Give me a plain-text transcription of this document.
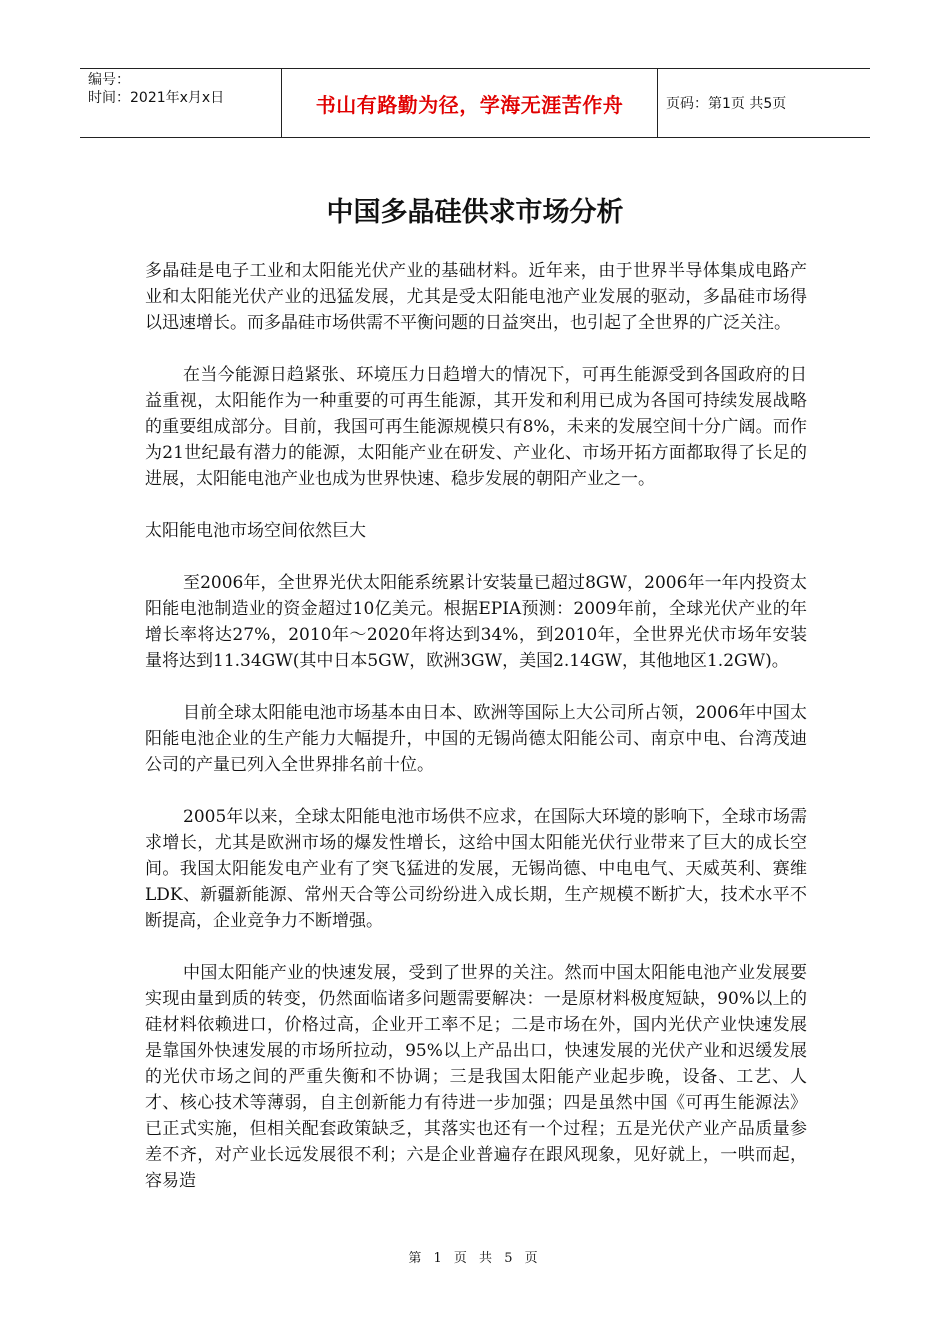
编号：
时间：2021年x月x日	书山有路勤为径，学海无涯苦作舟	页码：第1页 共5页
中国多晶硅供求市场分析

多晶硅是电子工业和太阳能光伏产业的基础材料。近年来，由于世界半导体集成电路产业和太阳能光伏产业的迅猛发展，尤其是受太阳能电池产业发展的驱动，多晶硅市场得以迅速增长。而多晶硅市场供需不平衡问题的日益突出，也引起了全世界的广泛关注。

在当今能源日趋紧张、环境压力日趋增大的情况下，可再生能源受到各国政府的日益重视，太阳能作为一种重要的可再生能源，其开发和利用已成为各国可持续发展战略的重要组成部分。目前，我国可再生能源规模只有8%，未来的发展空间十分广阔。而作为21世纪最有潜力的能源，太阳能产业在研发、产业化、市场开拓方面都取得了长足的进展，太阳能电池产业也成为世界快速、稳步发展的朝阳产业之一。

太阳能电池市场空间依然巨大

至2006年，全世界光伏太阳能系统累计安装量已超过8GW，2006年一年内投资太阳能电池制造业的资金超过10亿美元。根据EPIA预测：2009年前，全球光伏产业的年增长率将达27%，2010年～2020年将达到34%，到2010年，全世界光伏市场年安装量将达到11.34GW(其中日本5GW，欧洲3GW，美国2.14GW，其他地区1.2GW)。

目前全球太阳能电池市场基本由日本、欧洲等国际上大公司所占领，2006年中国太阳能电池企业的生产能力大幅提升，中国的无锡尚德太阳能公司、南京中电、台湾茂迪公司的产量已列入全世界排名前十位。

2005年以来，全球太阳能电池市场供不应求，在国际大环境的影响下，全球市场需求增长，尤其是欧洲市场的爆发性增长，这给中国太阳能光伏行业带来了巨大的成长空间。我国太阳能发电产业有了突飞猛进的发展，无锡尚德、中电电气、天威英利、赛维LDK、新疆新能源、常州天合等公司纷纷进入成长期，生产规模不断扩大，技术水平不断提高，企业竞争力不断增强。

中国太阳能产业的快速发展，受到了世界的关注。然而中国太阳能电池产业发展要实现由量到质的转变，仍然面临诸多问题需要解决：一是原材料极度短缺，90%以上的硅材料依赖进口，价格过高，企业开工率不足；二是市场在外，国内光伏产业快速发展是靠国外快速发展的市场所拉动，95%以上产品出口，快速发展的光伏产业和迟缓发展的光伏市场之间的严重失衡和不协调；三是我国太阳能产业起步晚，设备、工艺、人才、核心技术等薄弱，自主创新能力有待进一步加强；四是虽然中国《可再生能源法》已正式实施，但相关配套政策缺乏，其落实也还有一个过程；五是光伏产业产品质量参差不齐，对产业长远发展很不利；六是企业普遍存在跟风现象，见好就上，一哄而起，容易造

第 1 页 共 5 页
